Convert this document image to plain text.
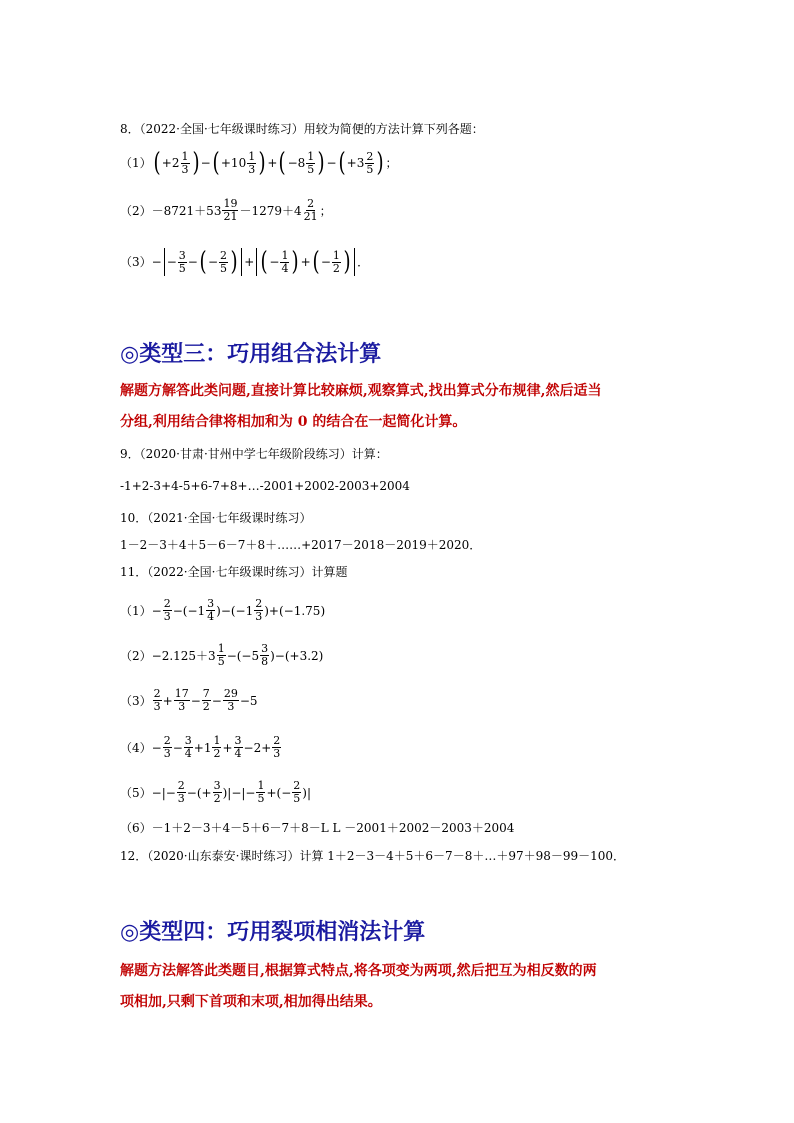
8．（2022·全国·七年级课时练习）用较为简便的方法计算下列各题：
（1） ( $+2 \frac{1}{3}$ ) − ( $+10 \frac{1}{3}$ ) + ( $-8 \frac{1}{5}$ ) − ( $+3 \frac{2}{5}$ ) ；
$(2) -8721+53 \frac{19}{21} -1279+4 \frac{2}{21}$ ；
（3） − − $\frac{3}{5}$ − ( − $\frac{2}{5}$ ) + ( − $\frac{1}{4}$ ) + ( − $\frac{1}{2}$ ) ．
◎类型三：巧用组合法计算
解题方解答此类问题,直接计算比较麻烦,观察算式,找出算式分布规律,然后适当
分组,利用结合律将相加和为 0 的结合在一起简化计算。
9．（2020·甘肃·甘州中学七年级阶段练习）计算：
-1+2-3+4-5+6-7+8+…-2001+2002-2003+2004
10．（2021·全国·七年级课时练习）
1－2－3＋4＋5－6－7＋8＋……+2017－2018－2019＋2020．
11．（2022·全国·七年级课时练习）计算题
$(1) - \frac{2}{3} -(-1 \frac{3}{4} )-(-1 \frac{2}{3} )+(-1.75)$
$(2) -2.125+3 \frac{1}{5} -(-5 \frac{3}{8} )-(+3.2)$
$(3) \frac{2}{3} + \frac{17}{3} - \frac{7}{2} - \frac{29}{3} -5$
$(4) - \frac{2}{3} - \frac{3}{4} +1 \frac{1}{2} + \frac{3}{4} -2+ \frac{2}{3}$
（5） −|− $\frac{2}{3}$ −(+ $\frac{3}{2}$ )|−|− $\frac{1}{5}$ +(− $\frac{2}{5}$ )|
（6）－1＋2－3＋4－5＋6－7＋8－L L －2001＋2002－2003＋2004
12．（2020·山东泰安·课时练习）计算 1＋2－3－4＋5＋6－7－8＋…＋97＋98－99－100．
◎类型四：巧用裂项相消法计算
解题方法解答此类题目,根据算式特点,将各项变为两项,然后把互为相反数的两
项相加,只剩下首项和末项,相加得出结果。
